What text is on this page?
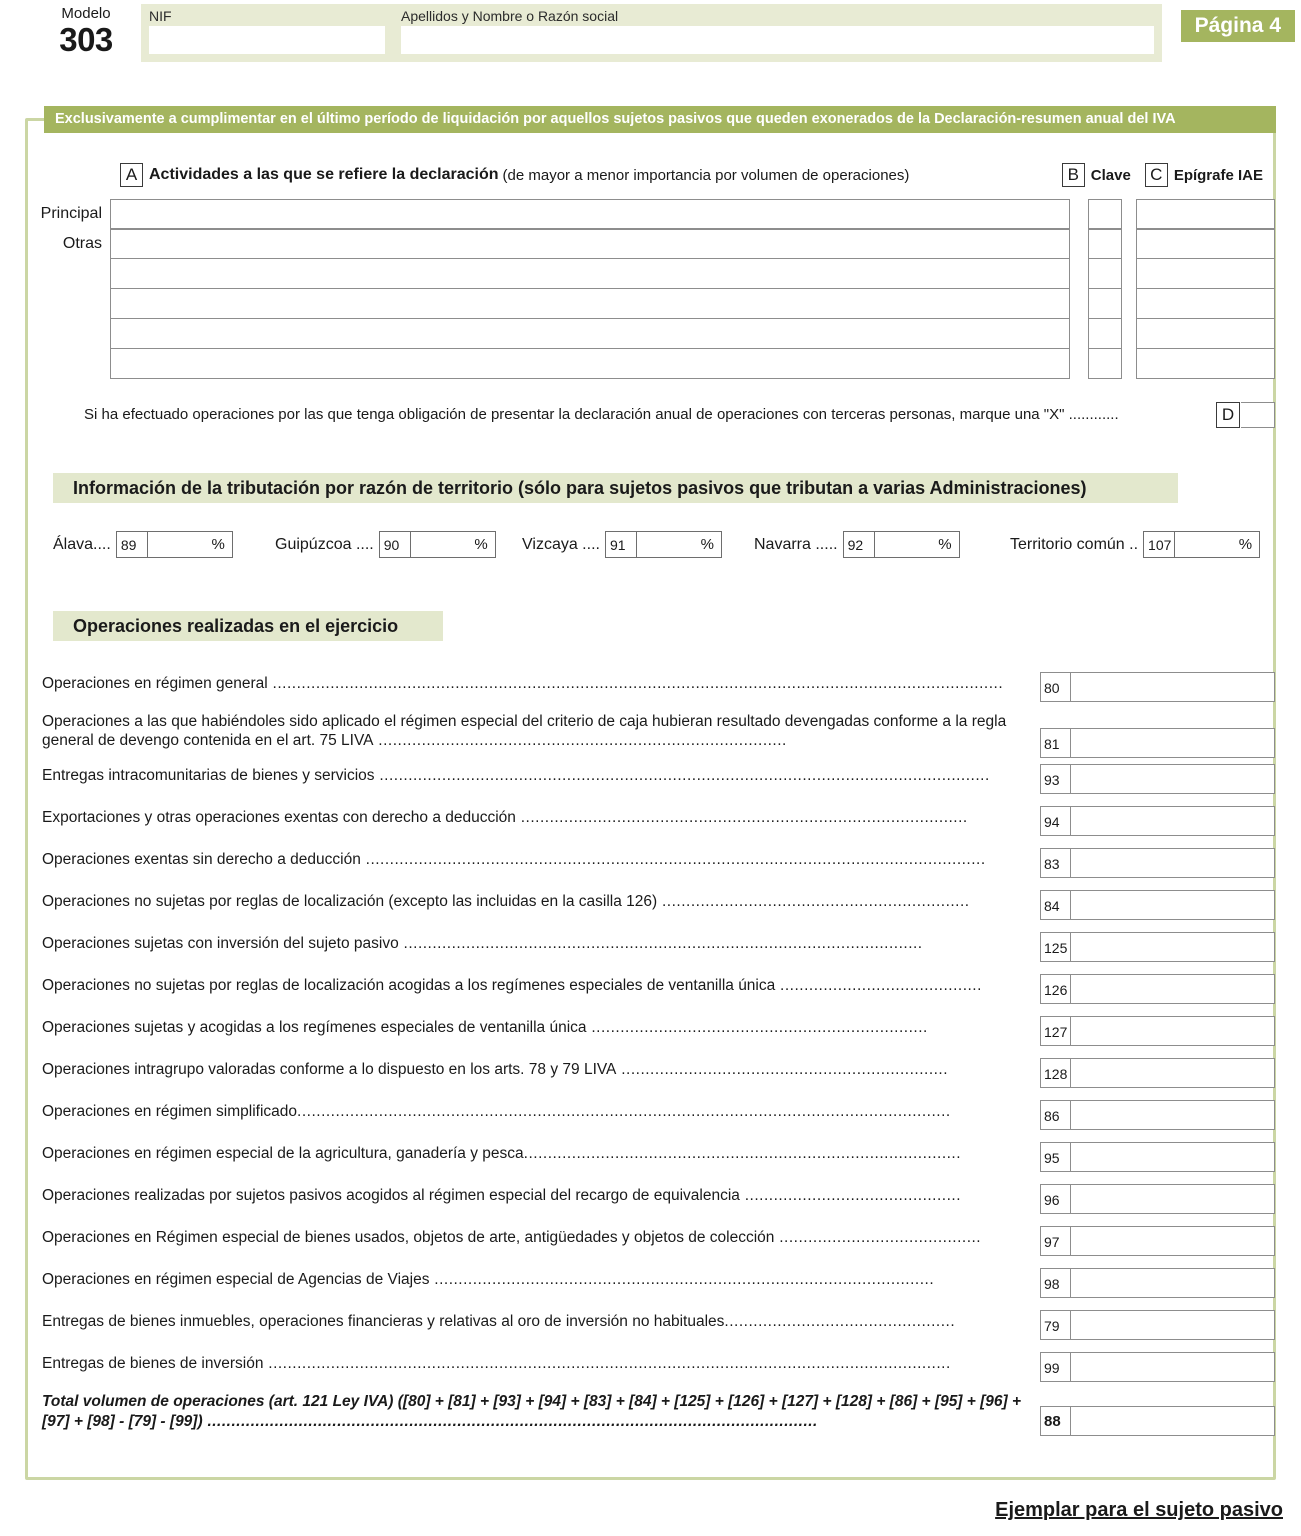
Modelo
303
NIF	Apellidos y Nombre o Razón social	Página 4
Exclusivamente a cumplimentar en el último período de liquidación por aquellos sujetos pasivos que queden exonerados de la Declaración-resumen anual del IVA
A Actividades a las que se refiere la declaración (de mayor a menor importancia por volumen de operaciones)	B Clave	C Epígrafe IAE
Principal
Otras
Si ha efectuado operaciones por las que tenga obligación de presentar la declaración anual de operaciones con terceras personas, marque una "X" ............	D
Información de la tributación por razón de territorio (sólo para sujetos pasivos que tributan a varias Administraciones)
Álava.... 89	%	Guipúzcoa .... 90	%	Vizcaya .... 91	%	Navarra ..... 92	%	Territorio común .. 107	%
Operaciones realizadas en el ejercicio
Operaciones en régimen general ........................................................................................................................................................	80
Operaciones a las que habiéndoles sido aplicado el régimen especial del criterio de caja hubieran resultado devengadas conforme a la regla general de devengo contenida en el art. 75 LIVA .....................................................................................	81
Entregas intracomunitarias de bienes y servicios ...............................................................................................................................	93
Exportaciones y otras operaciones exentas con derecho a deducción .............................................................................................	94
Operaciones exentas sin derecho a deducción .................................................................................................................................	83
Operaciones no sujetas por reglas de localización (excepto las incluidas en la casilla 126) ................................................................	84
Operaciones sujetas con inversión del sujeto pasivo ............................................................................................................	125
Operaciones no sujetas por reglas de localización acogidas a los regímenes especiales de ventanilla única ..........................................	126
Operaciones sujetas y acogidas a los regímenes especiales de ventanilla única ......................................................................	127
Operaciones intragrupo valoradas conforme a lo dispuesto en los arts. 78 y 79 LIVA ....................................................................	128
Operaciones en régimen simplificado........................................................................................................................................	86
Operaciones en régimen especial de la agricultura, ganadería y pesca...........................................................................................	95
Operaciones realizadas por sujetos pasivos acogidos al régimen especial del recargo de equivalencia .............................................	96
Operaciones en Régimen especial de bienes usados, objetos de arte, antigüedades y objetos de colección ..........................................	97
Operaciones en régimen especial de Agencias de Viajes ........................................................................................................	98
Entregas de bienes inmuebles, operaciones financieras y relativas al oro de inversión no habituales................................................	79
Entregas de bienes de inversión ..............................................................................................................................................	99
Total volumen de operaciones (art. 121 Ley IVA) ([80] + [81] + [93] + [94] + [83] + [84] + [125] + [126] + [127] + [128] + [86] + [95] + [96] + [97] + [98] - [79] - [99]) ...............................................................................................................................	88
Ejemplar para el sujeto pasivo
